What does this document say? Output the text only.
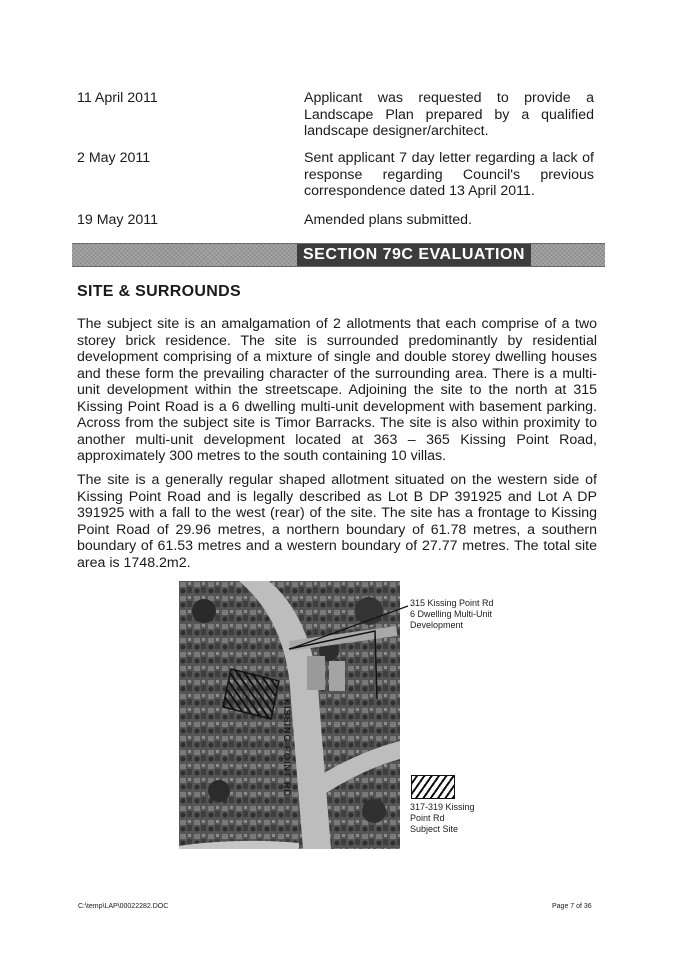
11 April 2011	Applicant was requested to provide a Landscape Plan prepared by a qualified landscape designer/architect.
2 May 2011	Sent applicant 7 day letter regarding a lack of response regarding Council's previous correspondence dated 13 April 2011.
19 May 2011	Amended plans submitted.
SECTION 79C EVALUATION
SITE & SURROUNDS

The subject site is an amalgamation of 2 allotments that each comprise of a two storey brick residence. The site is surrounded predominantly by residential development comprising of a mixture of single and double storey dwelling houses and these form the prevailing character of the surrounding area. There is a multi-unit development within the streetscape. Adjoining the site to the north at 315 Kissing Point Road is a 6 dwelling multi-unit development with basement parking. Across from the subject site is Timor Barracks. The site is also within proximity to another multi-unit development located at 363 – 365 Kissing Point Road, approximately 300 metres to the south containing 10 villas.

The site is a generally regular shaped allotment situated on the western side of Kissing Point Road and is legally described as Lot B DP 391925 and Lot A DP 391925 with a fall to the west (rear) of the site. The site has a frontage to Kissing Point Road of 29.96 metres, a northern boundary of 61.78 metres, a southern boundary of 61.53 metres and a western boundary of 27.77 metres. The total site area is 1748.2m2.

KISSING POINT RD
315 Kissing Point Rd
6 Dwelling Multi-Unit
Development
317-319 Kissing
Point Rd
Subject Site
C:\temp\LAP\00022282.DOC	Page 7 of 36
